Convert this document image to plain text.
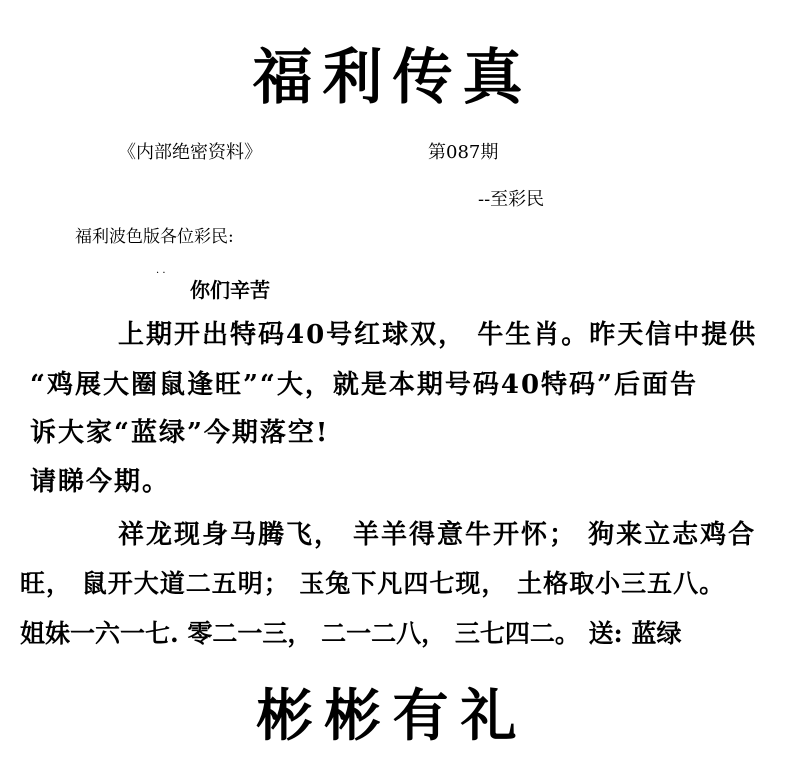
福利传真
《内部绝密资料》	第087期
--至彩民
福利波色版各位彩民:
· ·
你们辛苦
上期开出特码40号红球双， 牛生肖。昨天信中提供
“鸡展大圈鼠逢旺”“大，就是本期号码40特码”后面告
诉大家“蓝绿”今期落空!
请睇今期。
祥龙现身马腾飞， 羊羊得意牛开怀； 狗来立志鸡合
旺， 鼠开大道二五明； 玉兔下凡四七现， 土格取小三五八。
姐妹一六一七. 零二一三， 二一二八， 三七四二。 送: 蓝绿
彬彬有礼
